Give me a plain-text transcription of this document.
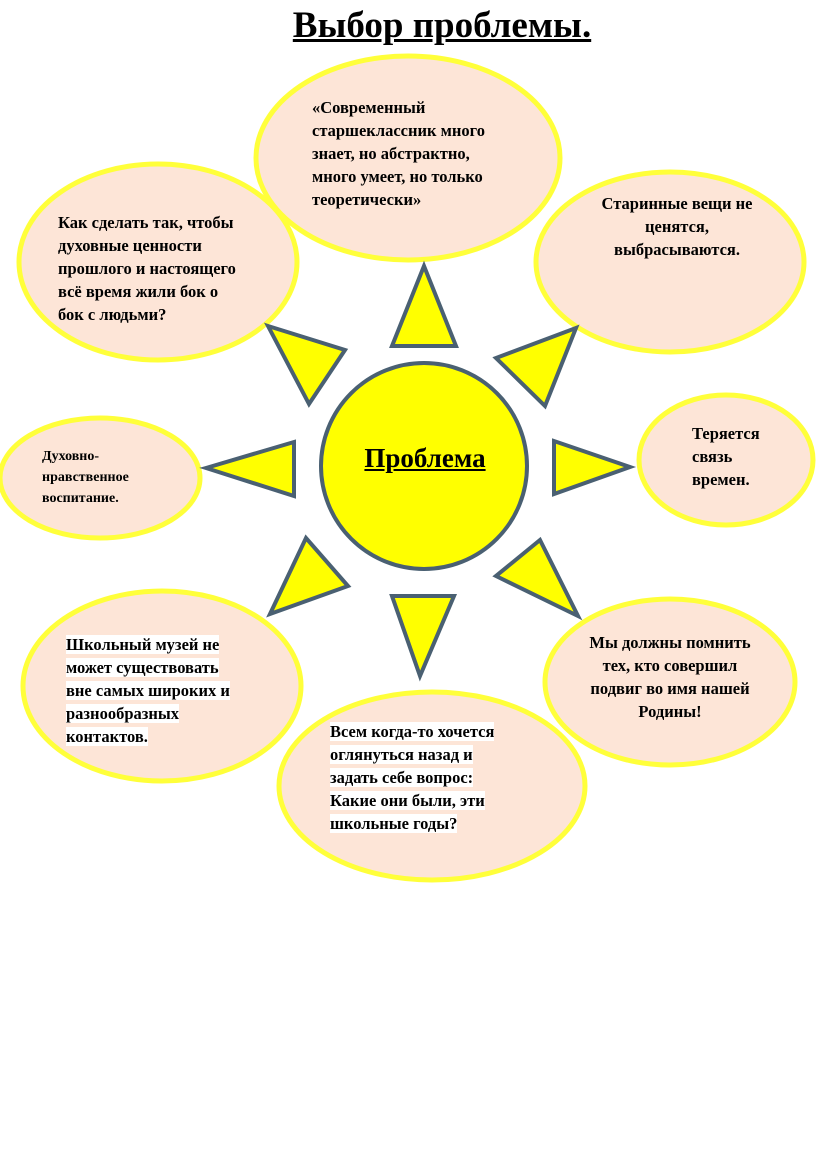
Выбор проблемы.
Проблема
«Современный
старшеклассник много
знает, но абстрактно,
много умеет, но только
теоретически»	Старинные вещи не
ценятся,
выбрасываются.
Как сделать так, чтобы
духовные ценности
прошлого и настоящего
всё время жили бок о
бок с людьми?
Духовно-
нравственное
воспитание.
Теряется
связь
времен.
Школьный музей не
может существовать
вне самых широких и
разнообразных
контактов.
Мы должны помнить
тех, кто совершил
подвиг во имя нашей
Родины!
Всем когда-то хочется
оглянуться назад и
задать себе вопрос:
Какие они были, эти
школьные годы?
